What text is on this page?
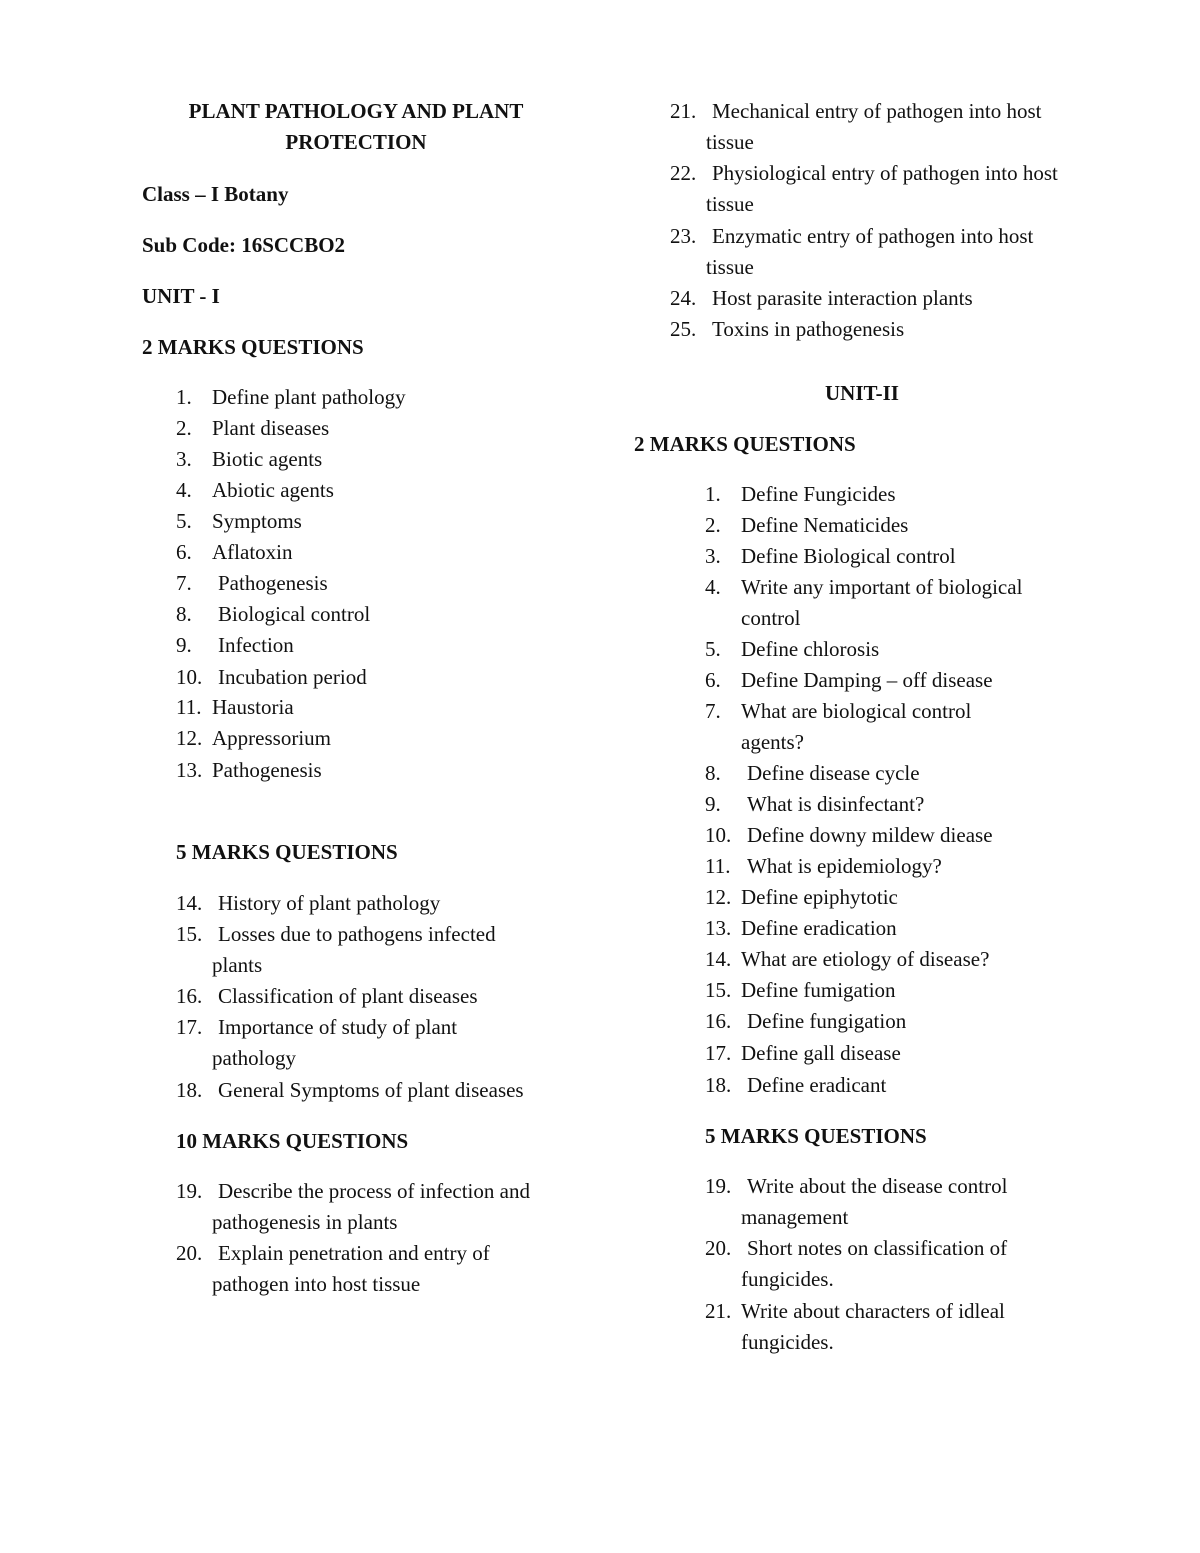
PLANT PATHOLOGY AND PLANT PROTECTION
Class – I Botany
Sub Code: 16SCCBO2
UNIT - I
2 MARKS QUESTIONS
1. Define plant pathology
2. Plant diseases
3. Biotic agents
4. Abiotic agents
5. Symptoms
6. Aflatoxin
7.	Pathogenesis
8.	Biological control
9.	Infection
10. Incubation period
11. Haustoria
12. Appressorium
13. Pathogenesis
5 MARKS QUESTIONS
14. History of plant pathology
15. Losses due to pathogens infected plants
16. Classification of plant diseases
17. Importance of study of plant pathology
18. General Symptoms of plant diseases
10 MARKS QUESTIONS
19. Describe the process of infection and pathogenesis in plants
20. Explain penetration and entry of pathogen into host tissue
21. Mechanical entry of pathogen into host tissue
22. Physiological entry of pathogen into host tissue
23. Enzymatic entry of pathogen into host tissue
24. Host parasite interaction plants
25. Toxins in pathogenesis
UNIT-II
2 MARKS QUESTIONS
1. Define Fungicides
2. Define Nematicides
3. Define Biological control
4. Write any important of biological control
5. Define chlorosis
6. Define Damping – off disease
7. What are biological control agents?
8.	Define disease cycle
9.	What is disinfectant?
10. Define downy mildew diease
11. What is epidemiology?
12. Define epiphytotic
13. Define eradication
14. What are etiology of disease?
15. Define fumigation
16. Define fungigation
17. Define gall disease
18. Define eradicant
5 MARKS QUESTIONS
19. Write about the disease control management
20. Short notes on classification of fungicides.
21. Write about characters of idleal fungicides.
